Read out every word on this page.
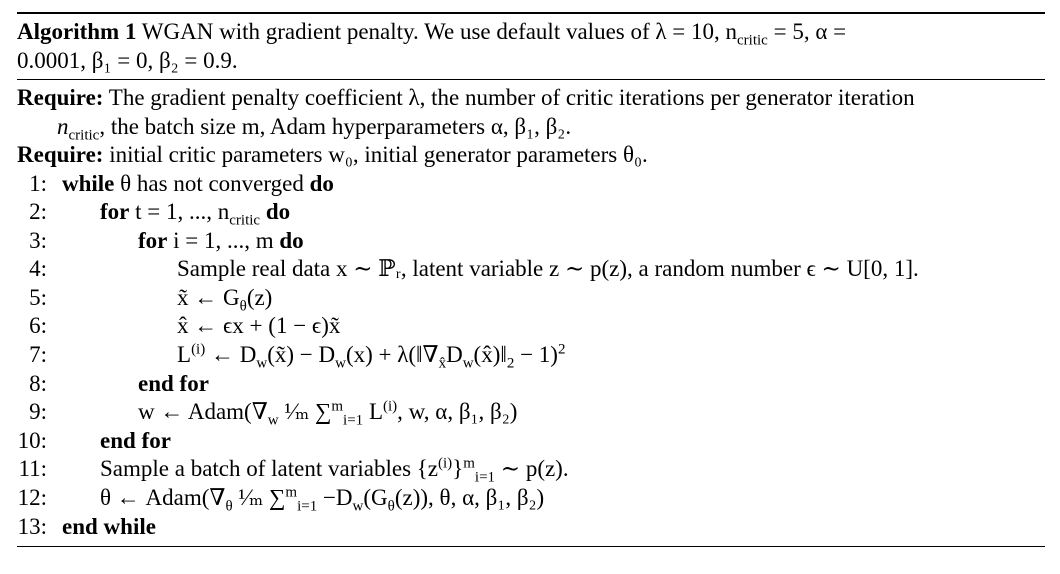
Algorithm 1 WGAN with gradient penalty. We use default values of λ = 10, $n_{critic} = 5$, α =
0.0001, β₁ = 0, β₂ = 0.9.
Require: The gradient penalty coefficient λ, the number of critic iterations per generator iteration
$n_{critic}$, the batch size m, Adam hyperparameters α, β₁, β₂.
Require: initial critic parameters w₀, initial generator parameters θ₀.
1: while θ has not converged do
2: for t = 1, ..., $n_{critic}$ do
3:	for i = 1, ..., m do
4:	Sample real data x ∼ ℙᵣ, latent variable z ∼ p(z), a random number ϵ ∼ U[0, 1].
5:	x̃ ← $G_\theta(z)$
6:	x̂ ← ϵx + (1 − ϵ)x̃
7:	$L^{(i)}$ ← $D_w(x̃) - D_w(x)$ + $\lambda(‖\nabla_{x̂}D_w(x̂)‖_2 - 1)^2$
8:	end for
9:	w ← $Adam(\nabla_w$ ¹⁄ₘ ∑$^m_{i=1}$ $L^{(i)}$, w, α, β₁, β₂)
10: end for
11: Sample a batch of latent variables $\{z^{(i)}\}^m_{i=1}$ ∼ p(z).
12: θ ← $Adam(\nabla_\theta$ ¹⁄ₘ $\sum^m_{i=1} -D_w(G_\theta(z))$, θ, α, β₁, β₂)
13: end while
